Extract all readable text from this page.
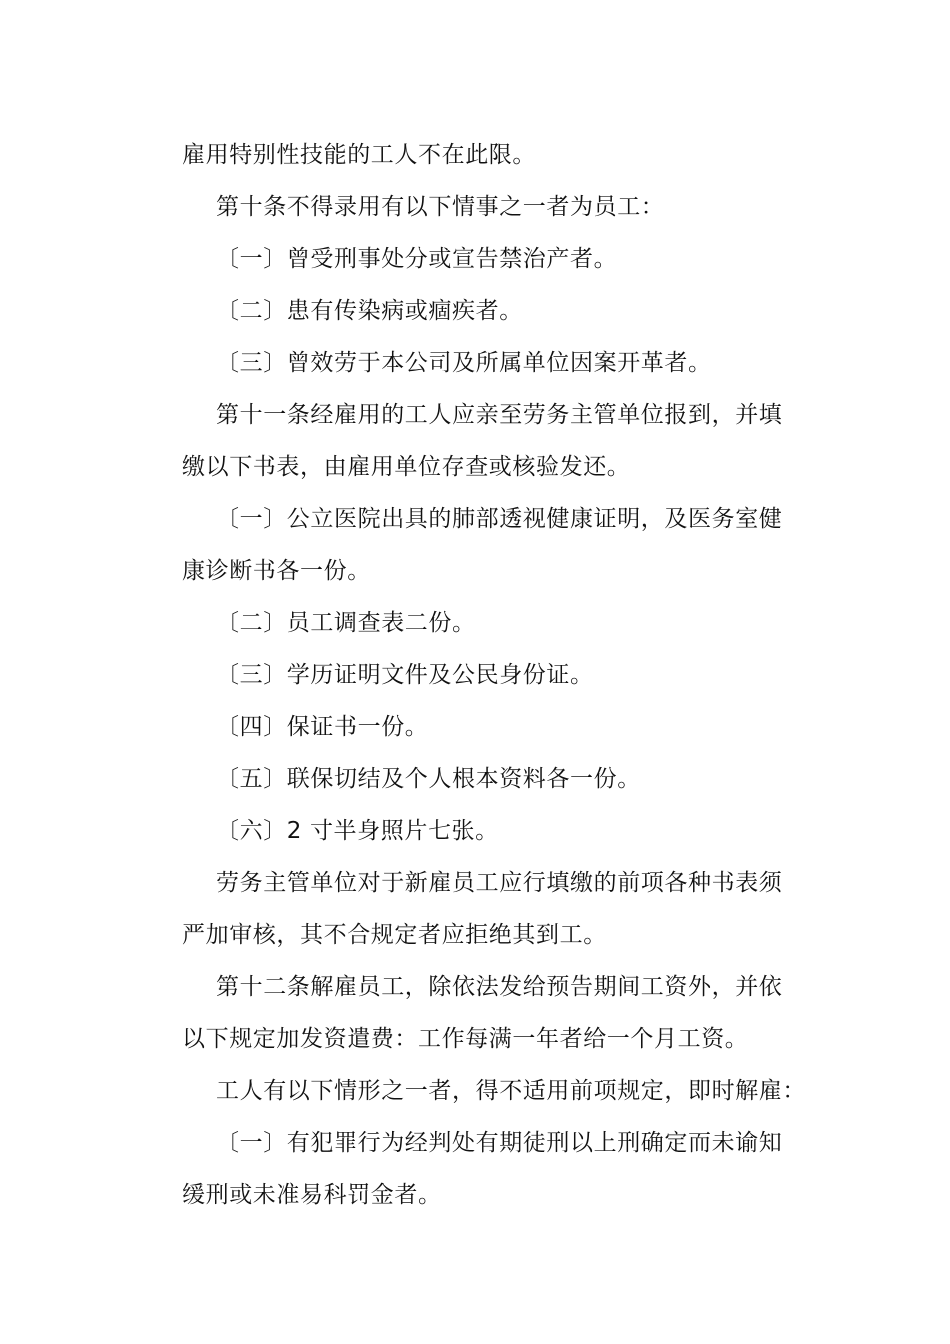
雇用特别性技能的工人不在此限。
第十条不得录用有以下情事之一者为员工：
〔一〕曾受刑事处分或宣告禁治产者。
〔二〕患有传染病或痼疾者。
〔三〕曾效劳于本公司及所属单位因案开革者。
第十一条经雇用的工人应亲至劳务主管单位报到，并填
缴以下书表，由雇用单位存查或核验发还。
〔一〕公立医院出具的肺部透视健康证明，及医务室健
康诊断书各一份。
〔二〕员工调查表二份。
〔三〕学历证明文件及公民身份证。
〔四〕保证书一份。
〔五〕联保切结及个人根本资料各一份。
〔六〕2 寸半身照片七张。
劳务主管单位对于新雇员工应行填缴的前项各种书表须
严加审核，其不合规定者应拒绝其到工。
第十二条解雇员工，除依法发给预告期间工资外，并依
以下规定加发资遣费：工作每满一年者给一个月工资。
工人有以下情形之一者，得不适用前项规定，即时解雇：
〔一〕有犯罪行为经判处有期徒刑以上刑确定而未谕知
缓刑或未准易科罚金者。
